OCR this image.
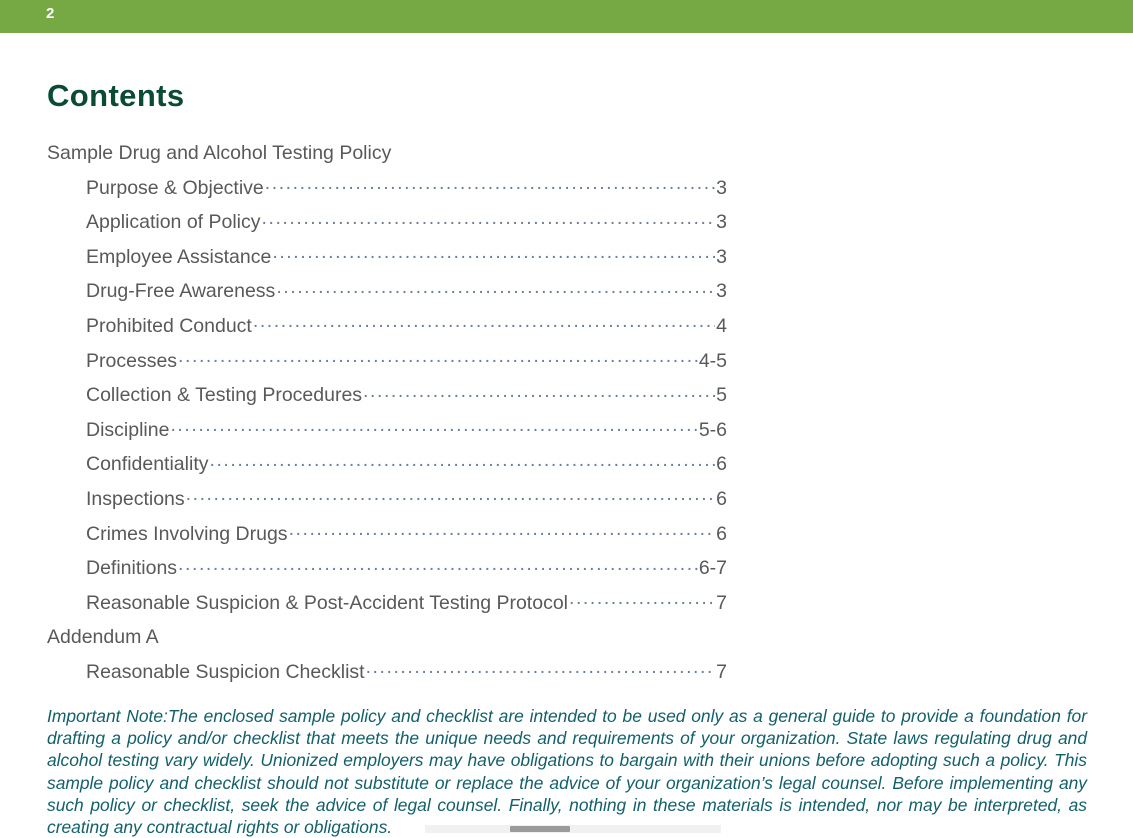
2
Contents
Sample Drug and Alcohol Testing Policy
Purpose & Objective .....	3
Application of Policy .....	3
Employee Assistance .....	3
Drug-Free Awareness .....	3
Prohibited Conduct .....	4
Processes .....	4-5
Collection & Testing Procedures .....	5
Discipline .....	5-6
Confidentiality .....	6
Inspections .....	6
Crimes Involving Drugs .....	6
Definitions .....	6-7
Reasonable Suspicion & Post-Accident Testing Protocol .....	7
Addendum A
Reasonable Suspicion Checklist .....	7
Important Note:The enclosed sample policy and checklist are intended to be used only as a general guide to provide a foundation for drafting a policy and/or checklist that meets the unique needs and requirements of your organization. State laws regulating drug and alcohol testing vary widely. Unionized employers may have obligations to bargain with their unions before adopting such a policy. This sample policy and checklist should not substitute or replace the advice of your organization’s legal counsel. Before implementing any such policy or checklist, seek the advice of legal counsel. Finally, nothing in these materials is intended, nor may be interpreted, as creating any contractual rights or obligations.
